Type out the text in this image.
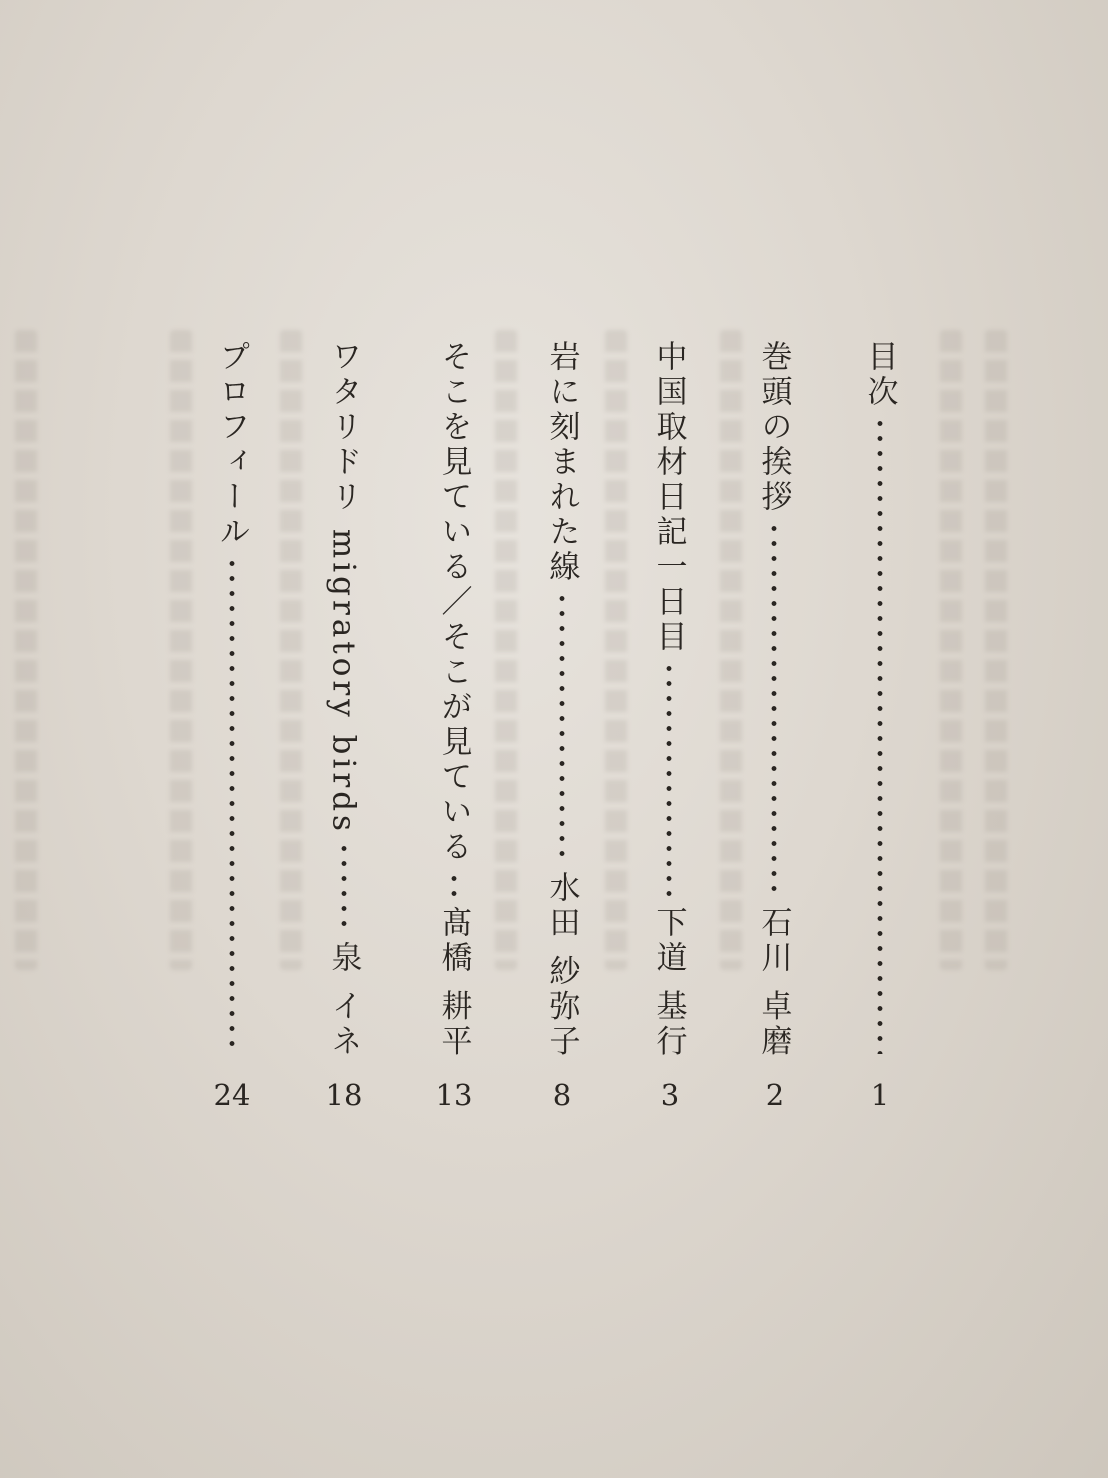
目次
1
巻頭の挨拶
石川 卓磨
2
中国取材日記一日目
下道 基行
3
岩に刻まれた線
水田 紗弥子
8
そこを見ている／そこが見ている
髙橋 耕平
13
ワタリドリ migratory birds
泉 イネ
18
プロフィール
24
